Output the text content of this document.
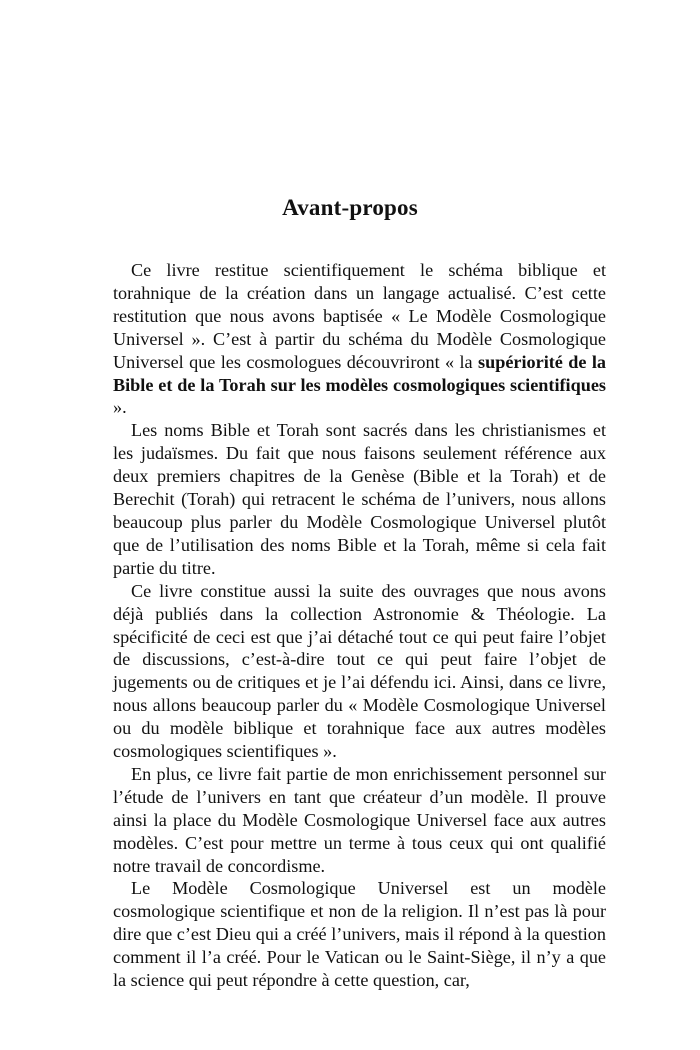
Avant-propos

Ce livre restitue scientifiquement le schéma biblique et torahnique de la création dans un langage actualisé. C’est cette restitution que nous avons baptisée « Le Modèle Cosmologique Universel ». C’est à partir du schéma du Modèle Cosmologique Universel que les cosmologues découvriront « la supériorité de la Bible et de la Torah sur les modèles cosmologiques scientifiques ».

Les noms Bible et Torah sont sacrés dans les christianismes et les judaïsmes. Du fait que nous faisons seulement référence aux deux premiers chapitres de la Genèse (Bible et la Torah) et de Berechit (Torah) qui retracent le schéma de l’univers, nous allons beaucoup plus parler du Modèle Cosmologique Universel plutôt que de l’utilisation des noms Bible et la Torah, même si cela fait partie du titre.

Ce livre constitue aussi la suite des ouvrages que nous avons déjà publiés dans la collection Astronomie & Théologie. La spécificité de ceci est que j’ai détaché tout ce qui peut faire l’objet de discussions, c’est-à-dire tout ce qui peut faire l’objet de jugements ou de critiques et je l’ai défendu ici. Ainsi, dans ce livre, nous allons beaucoup parler du « Modèle Cosmologique Universel ou du modèle biblique et torahnique face aux autres modèles cosmologiques scientifiques ».

En plus, ce livre fait partie de mon enrichissement personnel sur l’étude de l’univers en tant que créateur d’un modèle. Il prouve ainsi la place du Modèle Cosmologique Universel face aux autres modèles. C’est pour mettre un terme à tous ceux qui ont qualifié notre travail de concordisme.

Le Modèle Cosmologique Universel est un modèle cosmologique scientifique et non de la religion. Il n’est pas là pour dire que c’est Dieu qui a créé l’univers, mais il répond à la question comment il l’a créé. Pour le Vatican ou le Saint-Siège, il n’y a que la science qui peut répondre à cette question, car,
